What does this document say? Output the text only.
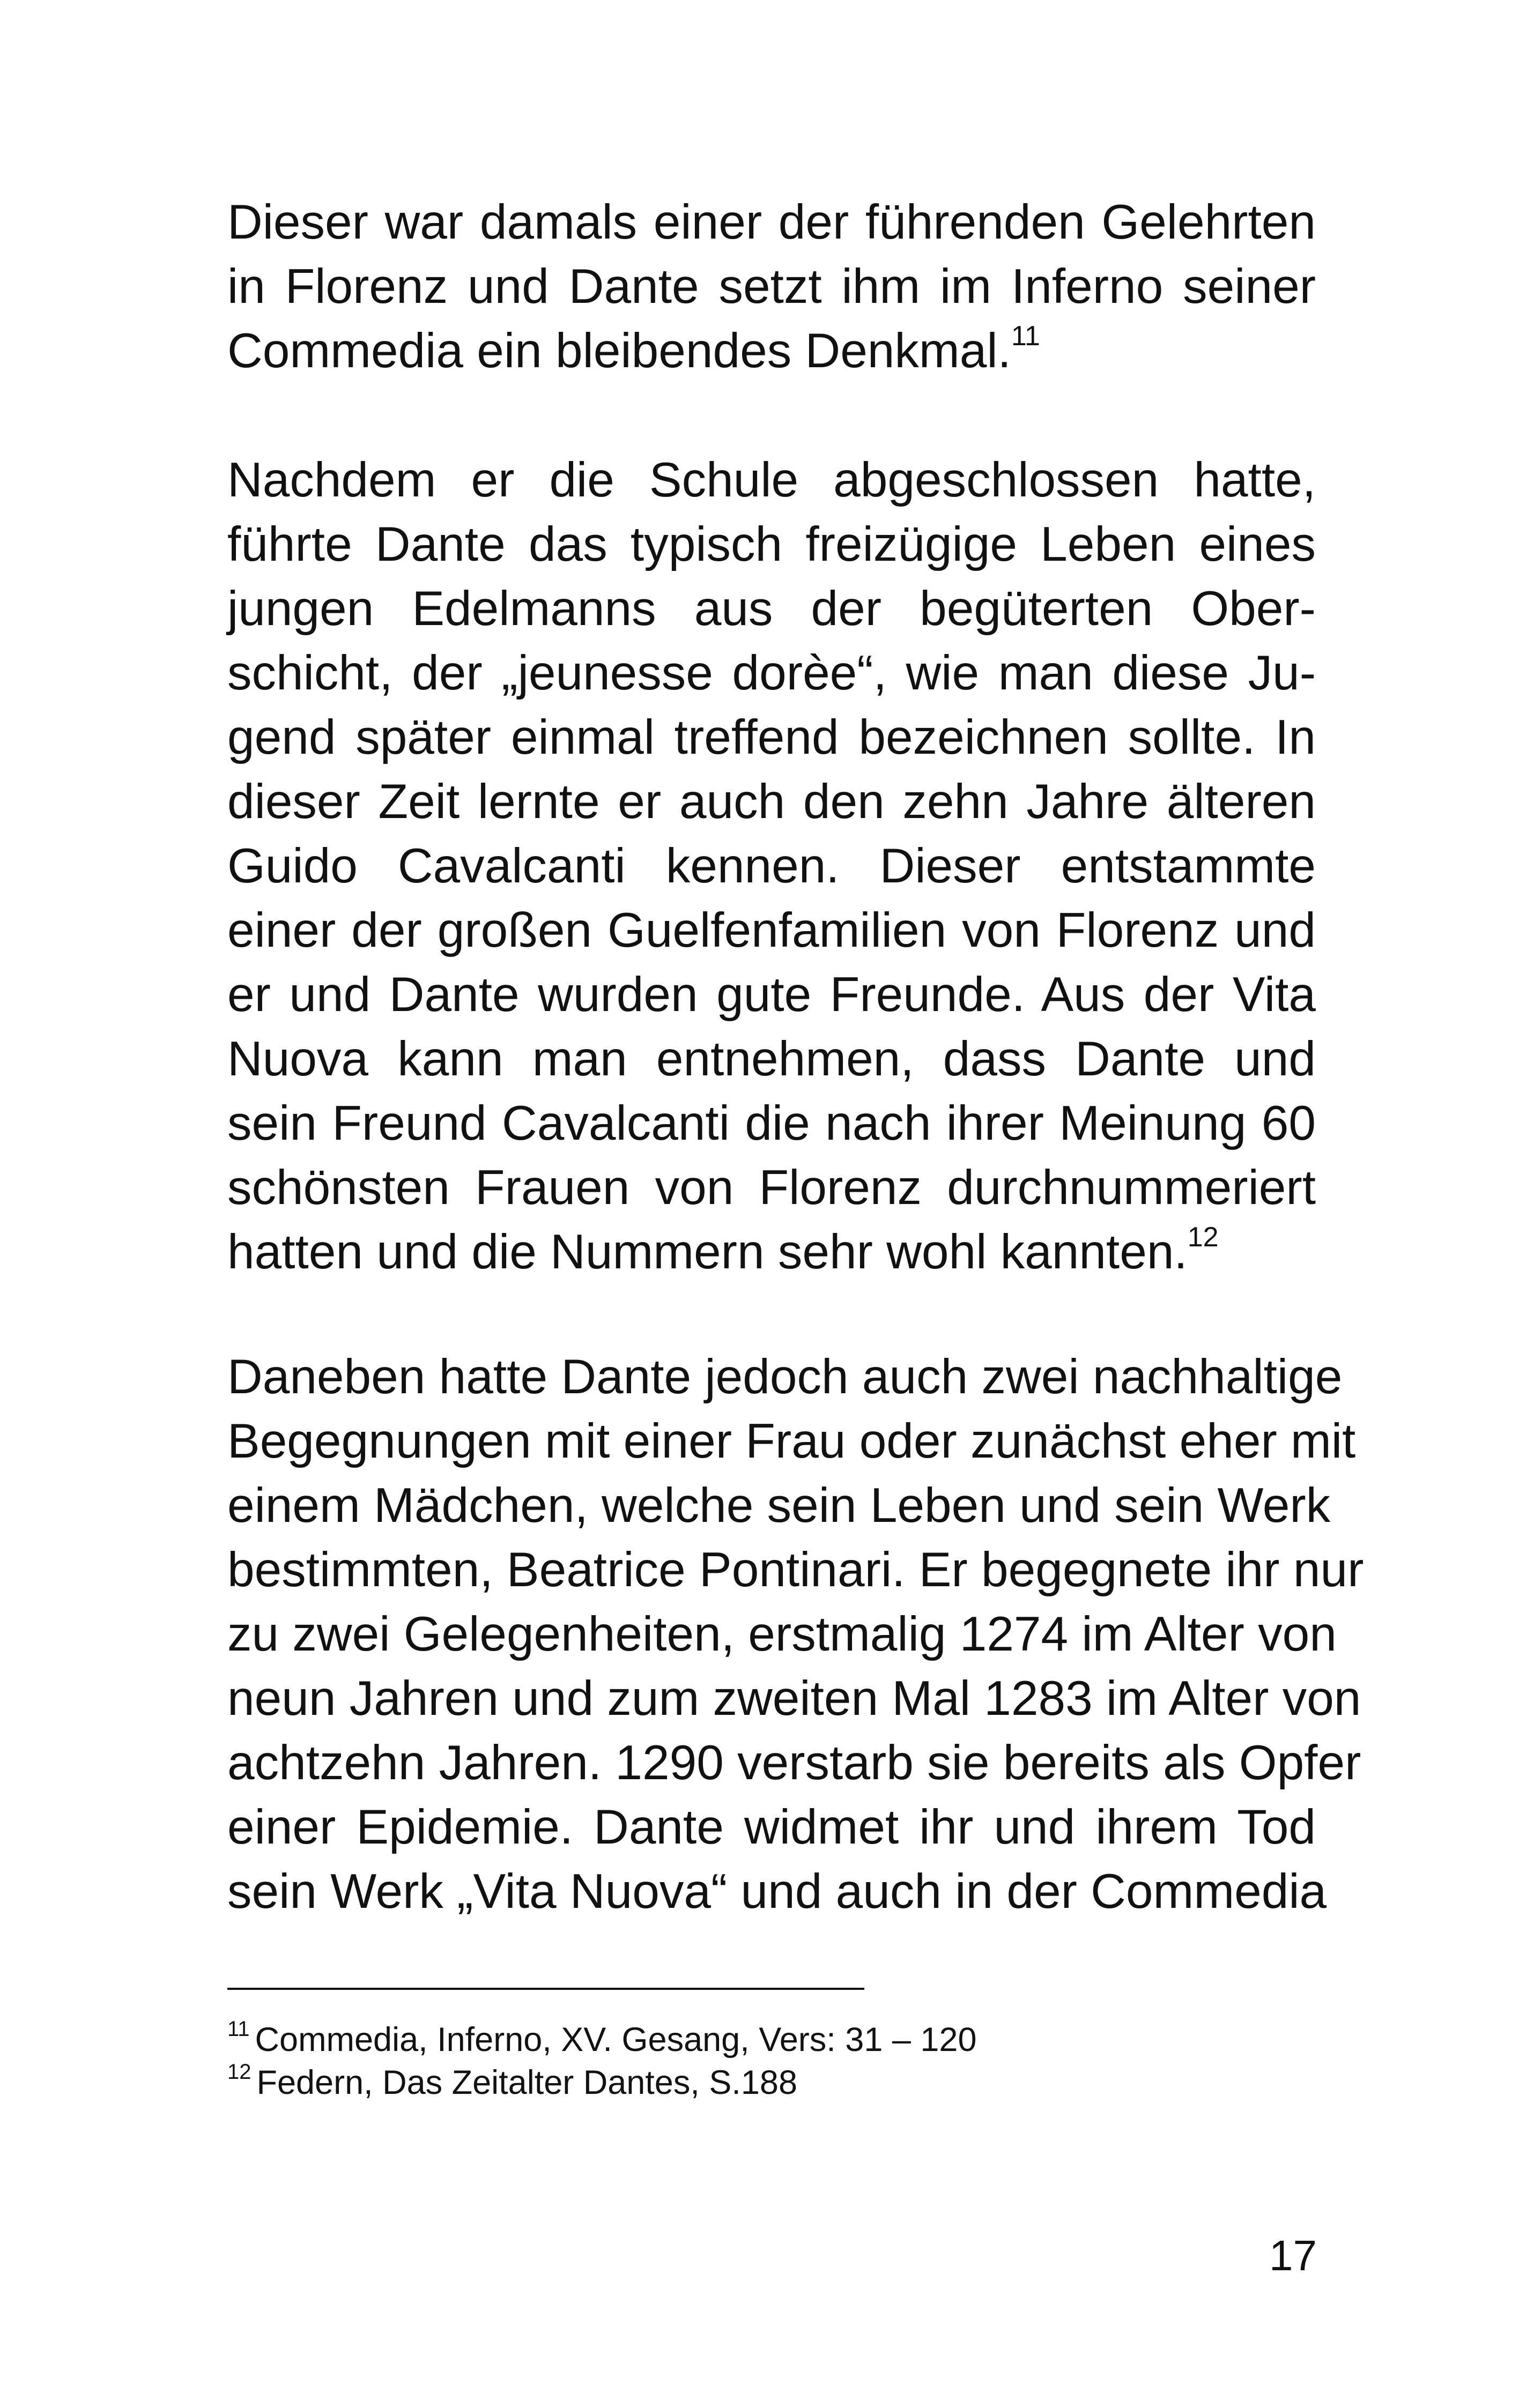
Dieser war damals einer der führenden Gelehrten
in Florenz und Dante setzt ihm im Inferno seiner
Commedia ein bleibendes Denkmal.$^{11}$
Nachdem er die Schule abgeschlossen hatte,
führte Dante das typisch freizügige Leben eines
jungen Edelmanns aus der begüterten Ober-
schicht, der „jeunesse dorèe“, wie man diese Ju-
gend später einmal treffend bezeichnen sollte. In
dieser Zeit lernte er auch den zehn Jahre älteren
Guido Cavalcanti kennen. Dieser entstammte
einer der großen Guelfenfamilien von Florenz und
er und Dante wurden gute Freunde. Aus der Vita
Nuova kann man entnehmen, dass Dante und
sein Freund Cavalcanti die nach ihrer Meinung 60
schönsten Frauen von Florenz durchnummeriert
hatten und die Nummern sehr wohl kannten.$^{12}$
Daneben hatte Dante jedoch auch zwei nachhaltige
Begegnungen mit einer Frau oder zunächst eher mit
einem Mädchen, welche sein Leben und sein Werk
bestimmten, Beatrice Pontinari. Er begegnete ihr nur
zu zwei Gelegenheiten, erstmalig 1274 im Alter von
neun Jahren und zum zweiten Mal 1283 im Alter von
achtzehn Jahren. 1290 verstarb sie bereits als Opfer
einer Epidemie. Dante widmet ihr und ihrem Tod
sein Werk „Vita Nuova“ und auch in der Commedia
$^{11}$ Commedia, Inferno, XV. Gesang, Vers: 31 – 120
$^{12}$ Federn, Das Zeitalter Dantes, S.188
17
